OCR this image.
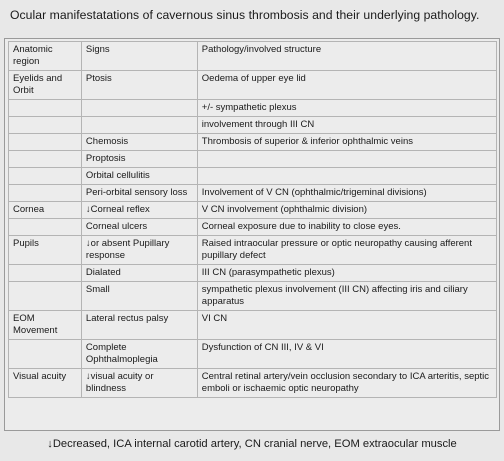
Ocular manifestatations of cavernous sinus thrombosis and their underlying pathology.
Anatomic region	Signs	Pathology/involved structure
Eyelids and Orbit	Ptosis	Oedema of upper eye lid
		+/- sympathetic plexus
		involvement through III CN
	Chemosis	Thrombosis of superior & inferior ophthalmic veins
	Proptosis	
	Orbital cellulitis	
	Peri-orbital sensory loss	Involvement of V CN (ophthalmic/trigeminal divisions)
Cornea	↓Corneal reflex	V CN involvement (ophthalmic division)
	Corneal ulcers	Corneal exposure due to inability to close eyes.
Pupils	↓or absent Pupillary response	Raised intraocular pressure or optic neuropathy causing afferent pupillary defect
	Dialated	III CN (parasympathetic plexus)
	Small	sympathetic plexus involvement (III CN) affecting iris and ciliary apparatus
EOM Movement	Lateral rectus palsy	VI CN
	Complete Ophthalmoplegia	Dysfunction of CN III, IV & VI
Visual acuity	↓visual acuity or blindness	Central retinal artery/vein occlusion secondary to ICA arteritis, septic emboli or ischaemic optic neuropathy
↓Decreased, ICA internal carotid artery, CN cranial nerve, EOM extraocular muscle
